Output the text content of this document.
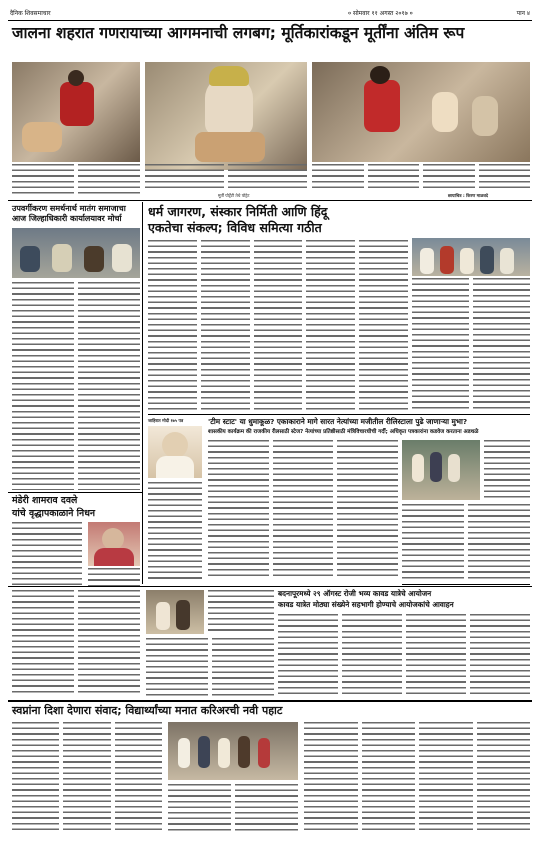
दैनिक शिवसमाचार	० सोमवार ११ अगस्त २०१७ ०	पान ४
जालना शहरात गणरायाच्या आगमनाची लगबग; मूर्तिकारांकडून मूर्तींना अंतिम रूप
मूर्ती पोर्ट्रेटी तेथे पोट्रेट	छायाचित्र : किरण माळवदे
उपवर्गीकरण समर्थनार्थ मातंग समाजाचा
आज जिल्हाधिकारी कार्यालयावर मोर्चा धर्म जागरण, संस्कार निर्मिती आणि हिंदू
एकतेचा संकल्प; विविध समित्या गठीत
जाहिरात मोदी १७५ पत्र	'टीम स्टाट' या धुमाकूळ? एकाकाराने मागे सारत नेत्यांच्या मजीतील रीलिस्टाला पुढे जाणार्‍या मुभा?
शासकीय कार्यक्रम की राजकीय रीलसाठी स्टेज? नेत्यांच्या प्रतिष्ठीसाठी मंत्रिविचारधीची गर्दी; अधिकृत पत्रकारांना कडवेज करताना अडथळे
मंडेरी शामराव दवले
यांचे वृद्धापकाळाने निधन
बदनापूरमध्ये २९ ऑगस्ट रोजी भव्य कावड यात्रेचे आयोजन
कावड यात्रेत मोठ्या संख्येने सहभागी होण्याचे आयोजकांचे आवाहन
स्वप्नांना दिशा देणारा संवाद; विद्यार्थ्यांच्या मनात करिअरची नवी पहाट
